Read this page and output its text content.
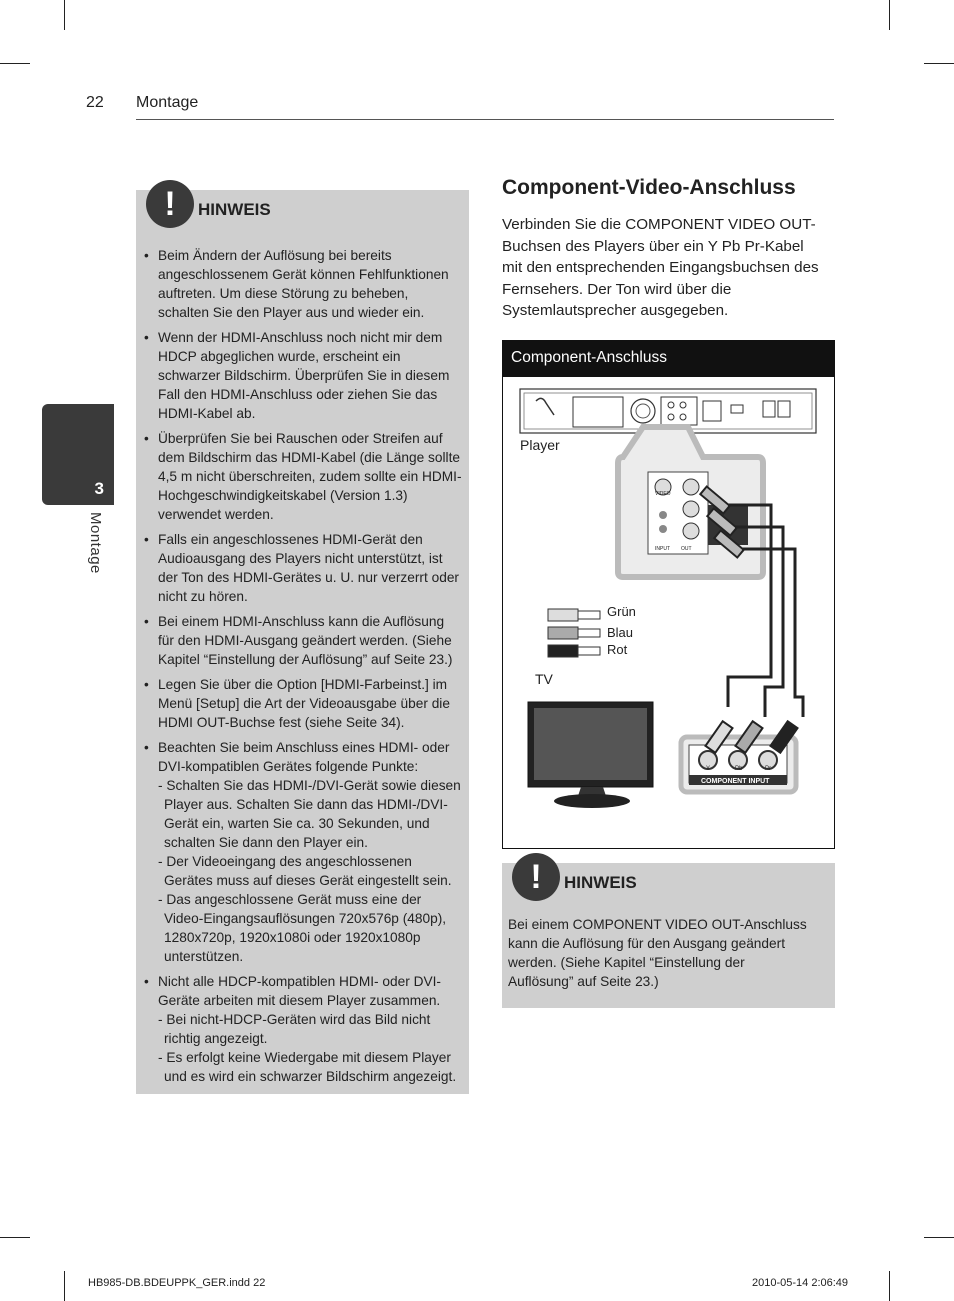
22 Montage
3
Montage
!	HINWEIS
• Beim Ändern der Auflösung bei bereits angeschlossenem Gerät können Fehlfunktionen auftreten. Um diese Störung zu beheben, schalten Sie den Player aus und wieder ein.
• Wenn der HDMI-Anschluss noch nicht mir dem HDCP abgeglichen wurde, erscheint ein schwarzer Bildschirm. Überprüfen Sie in diesem Fall den HDMI-Anschluss oder ziehen Sie das HDMI-Kabel ab.
• Überprüfen Sie bei Rauschen oder Streifen auf dem Bildschirm das HDMI-Kabel (die Länge sollte 4,5 m nicht überschreiten, zudem sollte ein HDMI-Hochgeschwindigkeitskabel (Version 1.3) verwendet werden.
• Falls ein angeschlossenes HDMI-Gerät den Audioausgang des Players nicht unterstützt, ist der Ton des HDMI-Gerätes u. U. nur verzerrt oder nicht zu hören.
• Bei einem HDMI-Anschluss kann die Auflösung für den HDMI-Ausgang geändert werden. (Siehe Kapitel “Einstellung der Auflösung” auf Seite 23.)
• Legen Sie über die Option [HDMI-Farbeinst.] im Menü [Setup] die Art der Videoausgabe über die HDMI OUT-Buchse fest (siehe Seite 34).
• Beachten Sie beim Anschluss eines HDMI- oder DVI-kompatiblen Gerätes folgende Punkte:
- Schalten Sie das HDMI-/DVI-Gerät sowie diesen Player aus. Schalten Sie dann das HDMI-/DVI-Gerät ein, warten Sie ca. 30 Sekunden, und schalten Sie dann den Player ein.
- Der Videoeingang des angeschlossenen Gerätes muss auf dieses Gerät eingestellt sein.
- Das angeschlossene Gerät muss eine der Video-Eingangsauflösungen 720x576p (480p), 1280x720p, 1920x1080i oder 1920x1080p unterstützen.
• Nicht alle HDCP-kompatiblen HDMI- oder DVI-Geräte arbeiten mit diesem Player zusammen.
- Bei nicht-HDCP-Geräten wird das Bild nicht richtig angezeigt.
- Es erfolgt keine Wiedergabe mit diesem Player und es wird ein schwarzer Bildschirm angezeigt.
Component-Video-Anschluss
Verbinden Sie die COMPONENT VIDEO OUT-Buchsen des Players über ein Y Pb Pr-Kabel mit den entsprechenden Eingangsbuchsen des Fernsehers. Der Ton wird über die Systemlautsprecher ausgegeben.
Component-Anschluss
Player
TV
Grün
Blau
Rot
COMPONENT INPUT
Y	Pb	Pr
VIDEO
INPUT OUT
!	HINWEIS
Bei einem COMPONENT VIDEO OUT-Anschluss kann die Auflösung für den Ausgang geändert werden. (Siehe Kapitel “Einstellung der Auflösung” auf Seite 23.)
HB985-DB.BDEUPPK_GER.indd 22	2010-05-14 2:06:49
